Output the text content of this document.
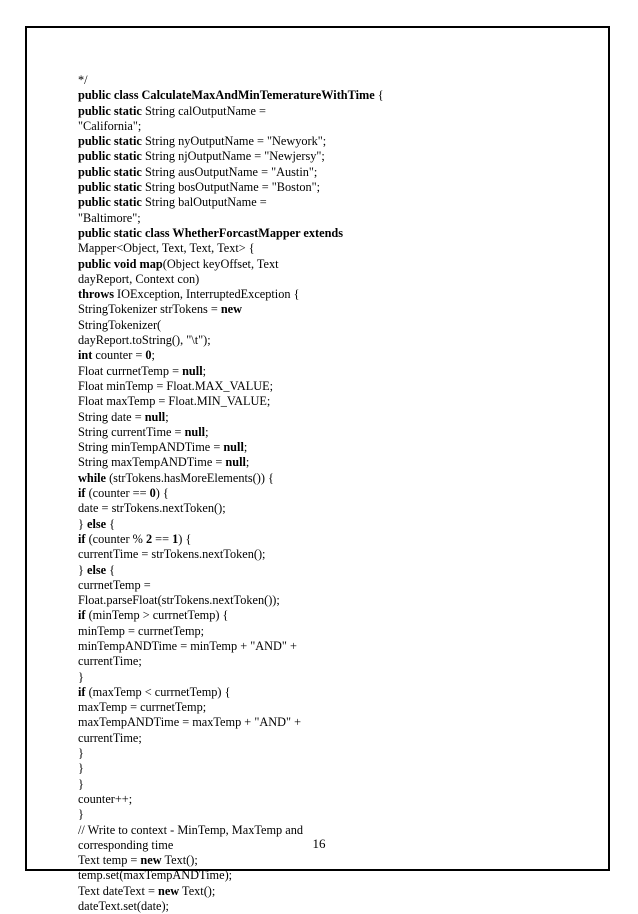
*/
public class CalculateMaxAndMinTemeratureWithTime {
public static String calOutputName =
"California";
public static String nyOutputName = "Newyork";
public static String njOutputName = "Newjersy";
public static String ausOutputName = "Austin";
public static String bosOutputName = "Boston";
public static String balOutputName =
"Baltimore";
public static class WhetherForcastMapper extends
Mapper<Object, Text, Text, Text> {
public void map(Object keyOffset, Text
dayReport, Context con)
throws IOException, InterruptedException {
StringTokenizer strTokens = new
StringTokenizer(
dayReport.toString(), "\t");
int counter = 0;
Float currnetTemp = null;
Float minTemp = Float.MAX_VALUE;
Float maxTemp = Float.MIN_VALUE;
String date = null;
String currentTime = null;
String minTempANDTime = null;
String maxTempANDTime = null;
while (strTokens.hasMoreElements()) {
if (counter == 0) {
date = strTokens.nextToken();
} else {
if (counter % 2 == 1) {
currentTime = strTokens.nextToken();
} else {
currnetTemp =
Float.parseFloat(strTokens.nextToken());
if (minTemp > currnetTemp) {
minTemp = currnetTemp;
minTempANDTime = minTemp + "AND" +
currentTime;
}
if (maxTemp < currnetTemp) {
maxTemp = currnetTemp;
maxTempANDTime = maxTemp + "AND" +
currentTime;
}
}
}
counter++;
}
// Write to context - MinTemp, MaxTemp and
corresponding time
Text temp = new Text();
temp.set(maxTempANDTime);
Text dateText = new Text();
dateText.set(date);
16
